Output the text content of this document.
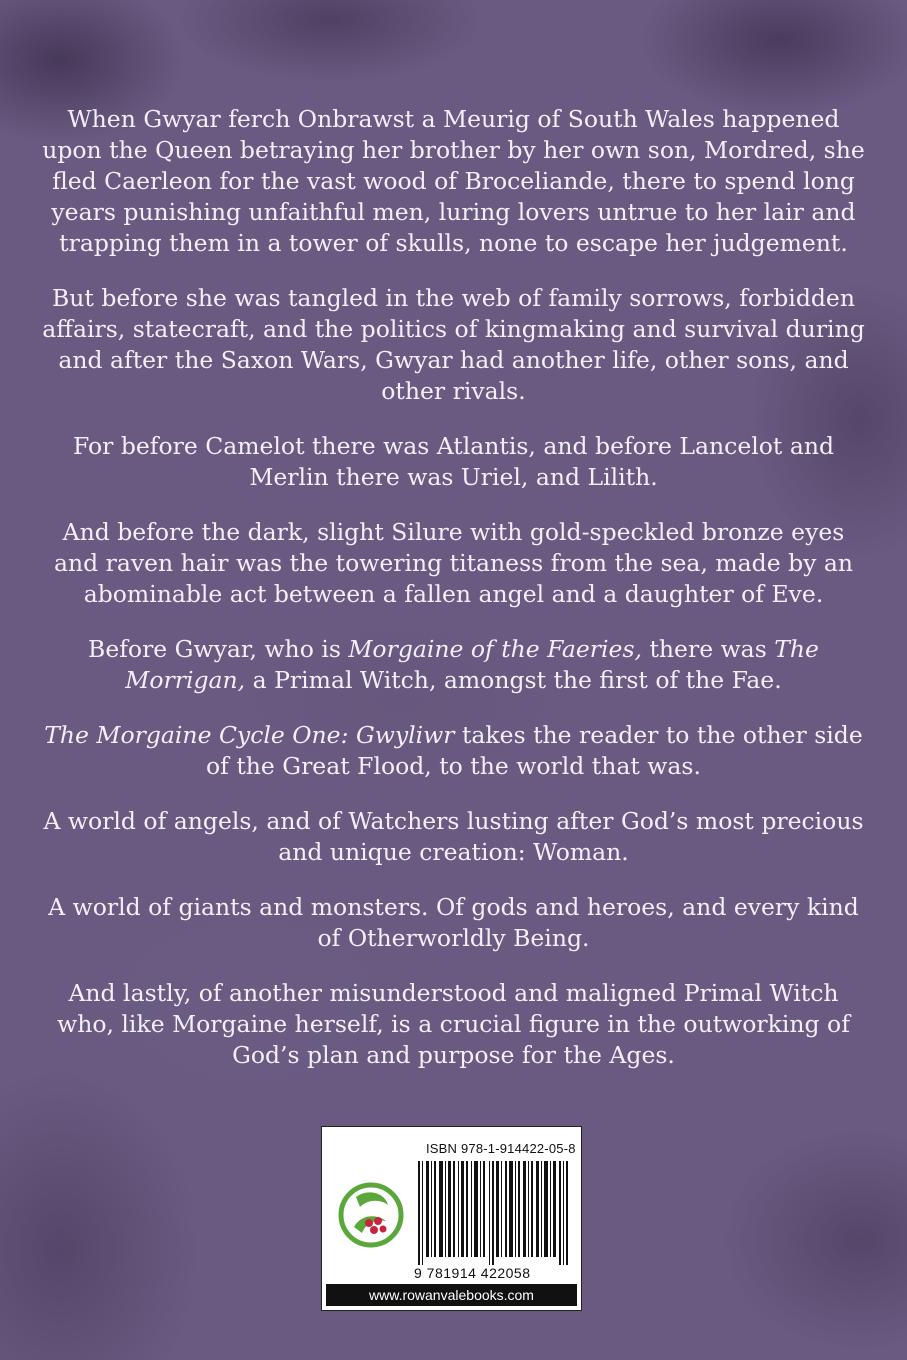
When Gwyar ferch Onbrawst a Meurig of South Wales happened upon the Queen betraying her brother by her own son, Mordred, she fled Caerleon for the vast wood of Broceliande, there to spend long years punishing unfaithful men, luring lovers untrue to her lair and trapping them in a tower of skulls, none to escape her judgement.

But before she was tangled in the web of family sorrows, forbidden affairs, statecraft, and the politics of kingmaking and survival during and after the Saxon Wars, Gwyar had another life, other sons, and other rivals.

For before Camelot there was Atlantis, and before Lancelot and Merlin there was Uriel, and Lilith.

And before the dark, slight Silure with gold-speckled bronze eyes and raven hair was the towering titaness from the sea, made by an abominable act between a fallen angel and a daughter of Eve.

Before Gwyar, who is Morgaine of the Faeries, there was The Morrigan, a Primal Witch, amongst the first of the Fae.

The Morgaine Cycle One: Gwyliwr takes the reader to the other side of the Great Flood, to the world that was.

A world of angels, and of Watchers lusting after God’s most precious and unique creation: Woman.

A world of giants and monsters. Of gods and heroes, and every kind of Otherworldly Being.

And lastly, of another misunderstood and maligned Primal Witch who, like Morgaine herself, is a crucial figure in the outworking of God’s plan and purpose for the Ages.

ISBN 978-1-914422-05-8
9 781914 422058
www.rowanvalebooks.com
